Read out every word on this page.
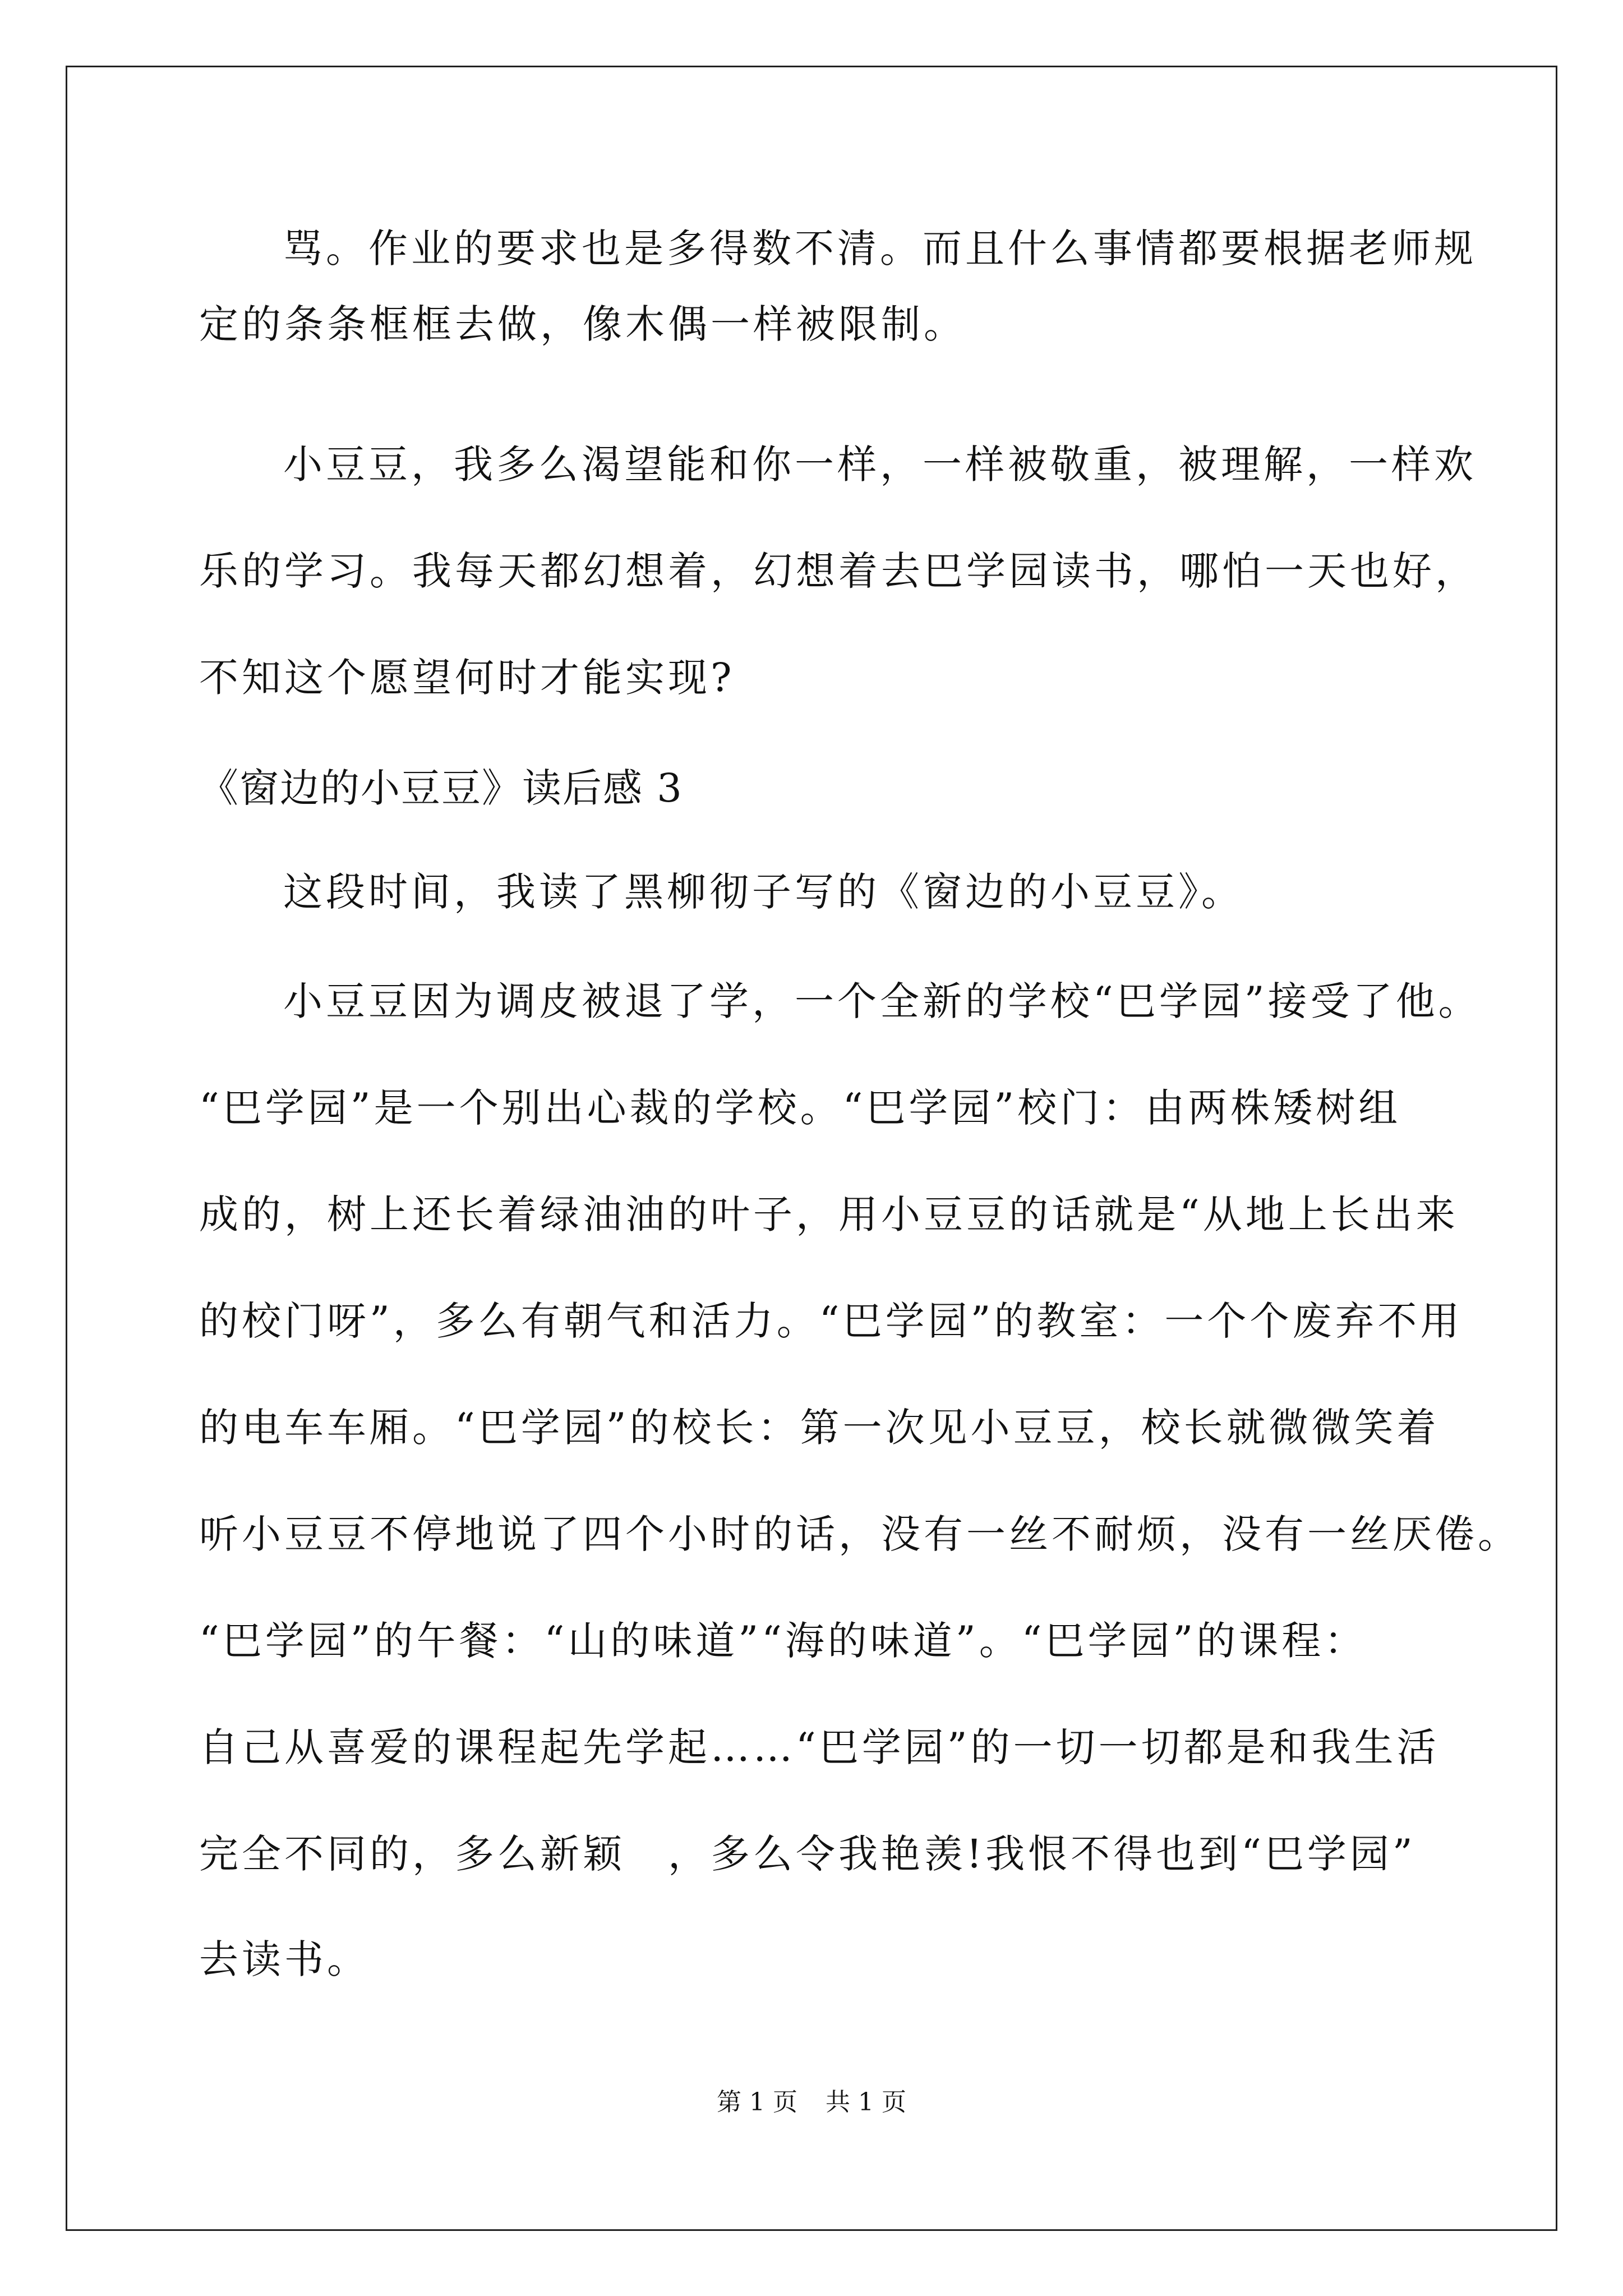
骂。作业的要求也是多得数不清。而且什么事情都要根据老师规
定的条条框框去做，像木偶一样被限制。
小豆豆，我多么渴望能和你一样，一样被敬重，被理解，一样欢
乐的学习。我每天都幻想着，幻想着去巴学园读书，哪怕一天也好，
不知这个愿望何时才能实现?
《窗边的小豆豆》读后感 3
这段时间，我读了黑柳彻子写的《窗边的小豆豆》。
小豆豆因为调皮被退了学，一个全新的学校“巴学园”接受了他。
“巴学园”是一个别出心裁的学校。“巴学园”校门：由两株矮树组
成的，树上还长着绿油油的叶子，用小豆豆的话就是“从地上长出来
的校门呀”，多么有朝气和活力。“巴学园”的教室：一个个废弃不用
的电车车厢。“巴学园”的校长：第一次见小豆豆，校长就微微笑着
听小豆豆不停地说了四个小时的话，没有一丝不耐烦，没有一丝厌倦。
“巴学园”的午餐：“山的味道”“海的味道”。“巴学园”的课程：
自己从喜爱的课程起先学起……“巴学园”的一切一切都是和我生活
完全不同的，多么新颖　，多么令我艳羡!我恨不得也到“巴学园”
去读书。
第 1 页 共 1 页
